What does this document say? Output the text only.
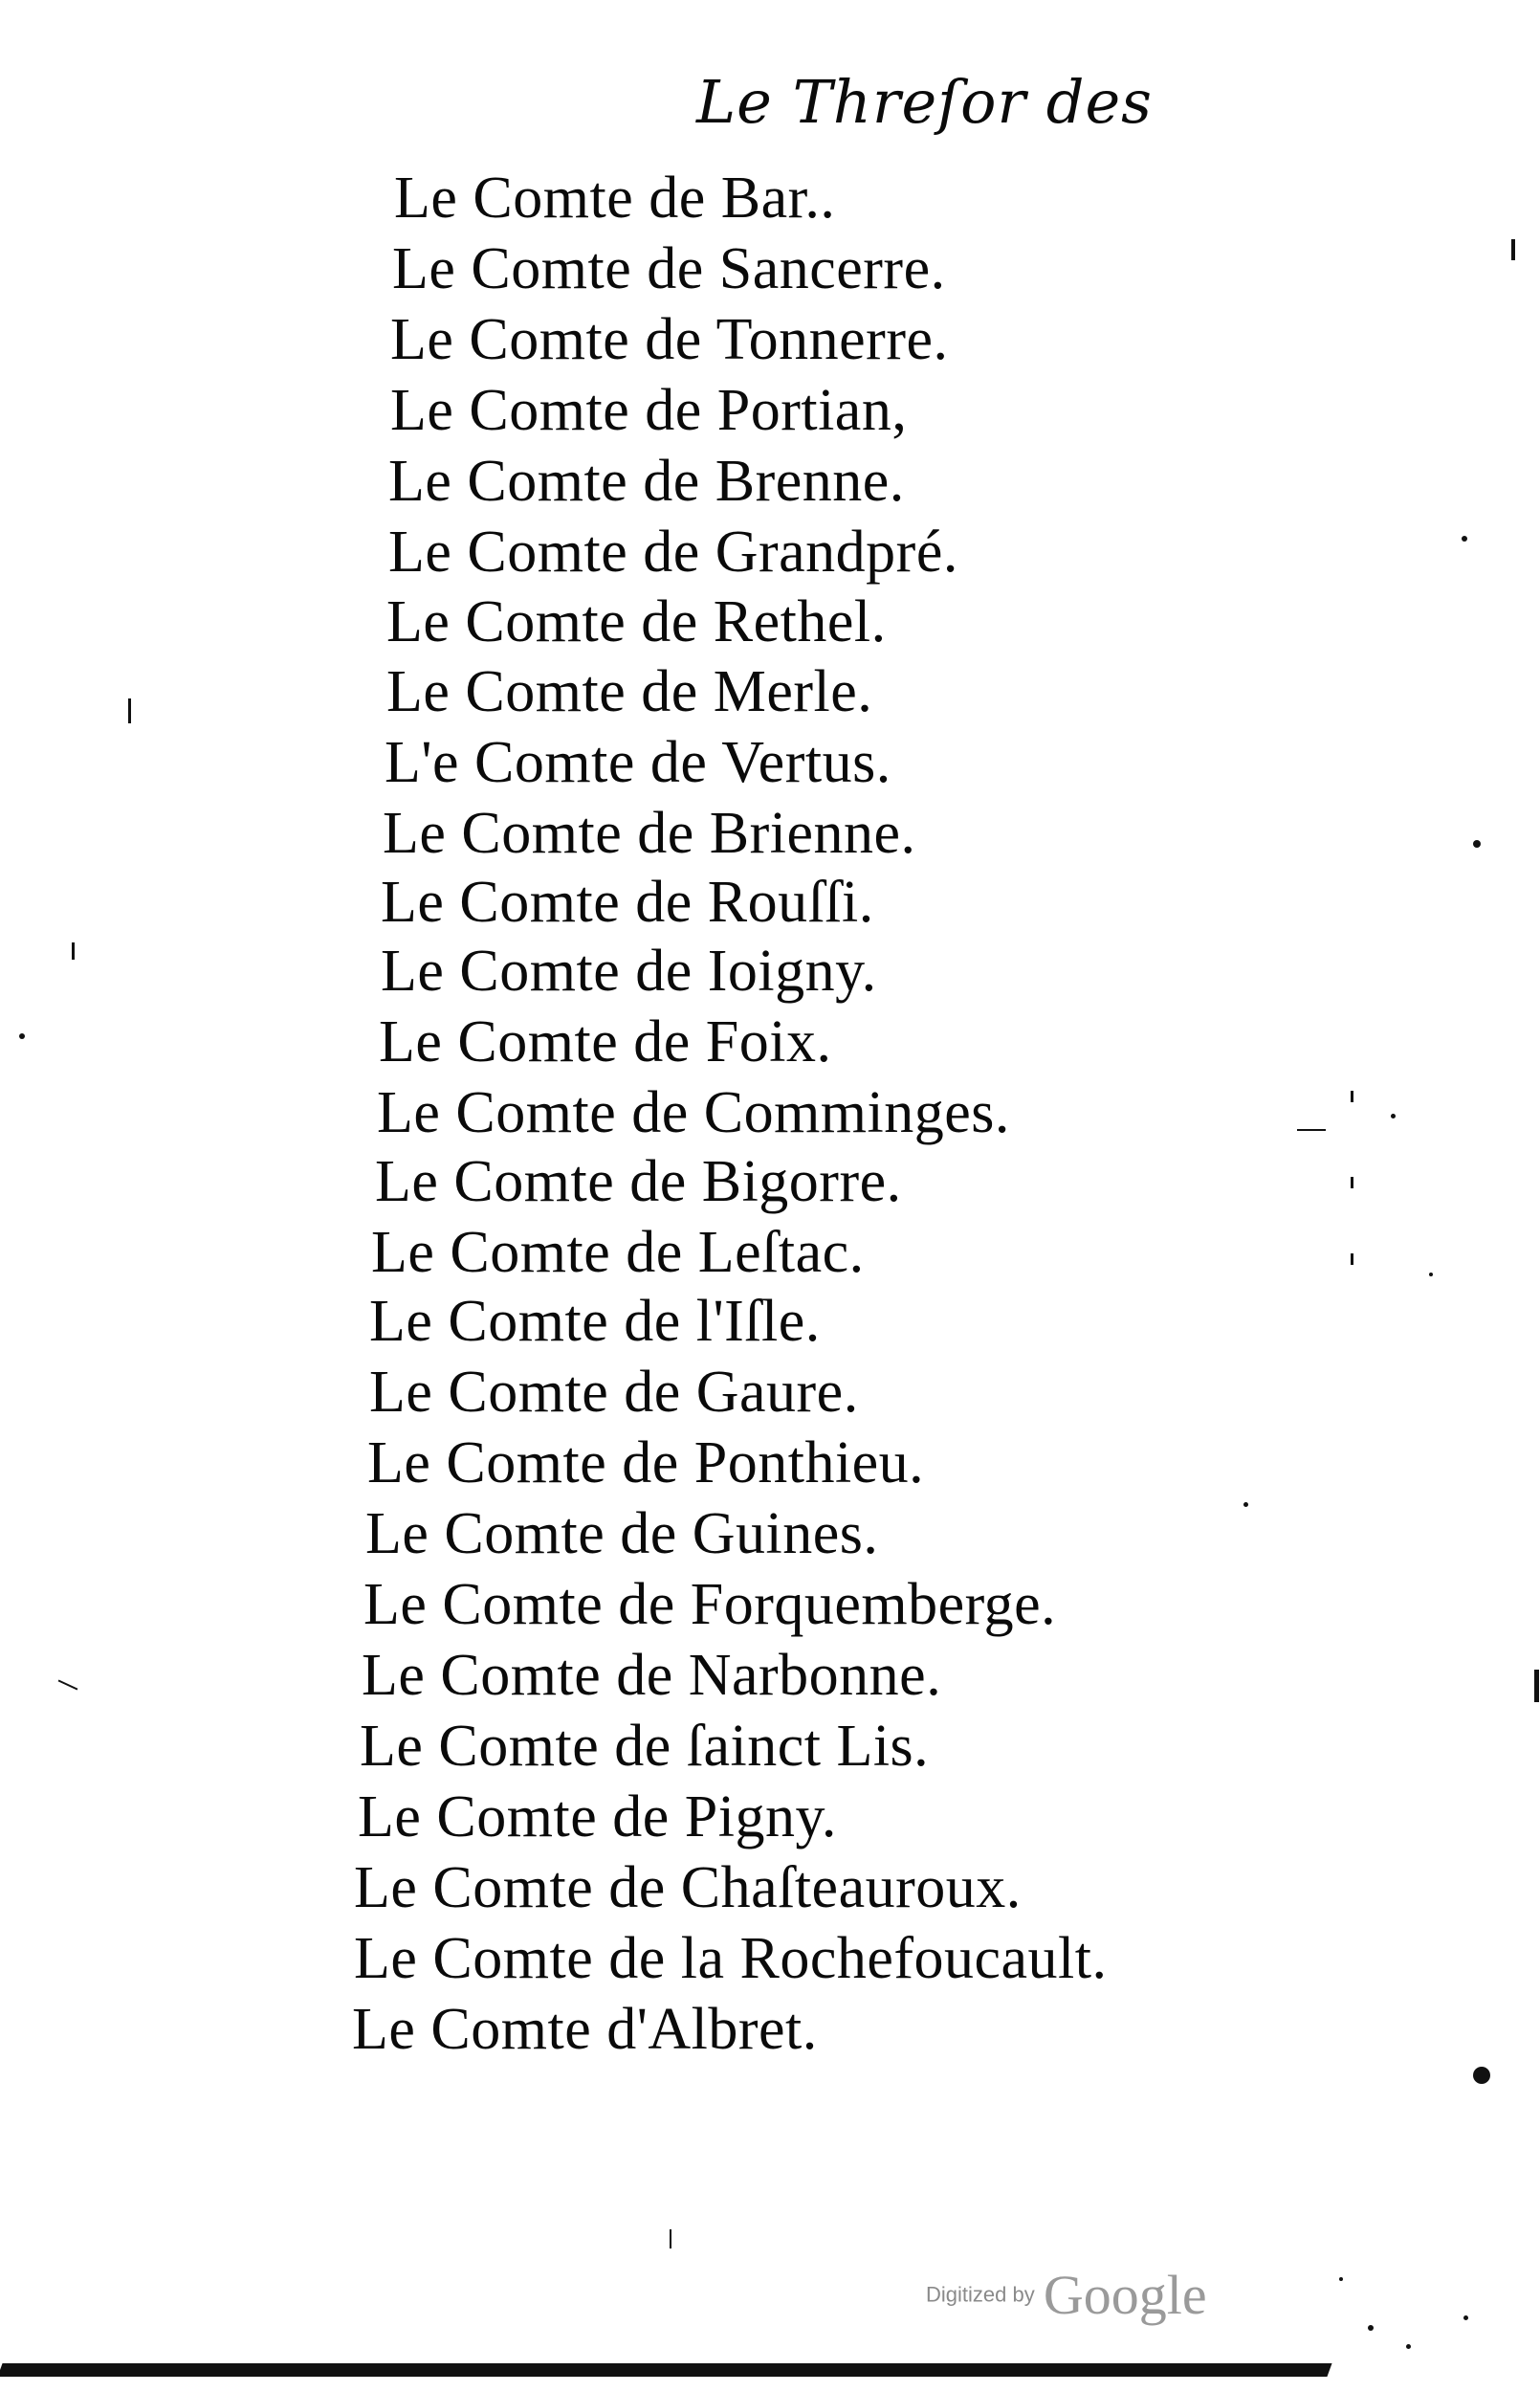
Le Threſor des
Le Comte de Bar..
Le Comte de Sancerre.
Le Comte de Tonnerre.
Le Comte de Portian,
Le Comte de Brenne.
Le Comte de Grandpré.
Le Comte de Rethel.
Le Comte de Merle.
L'e Comte de Vertus.
Le Comte de Brienne.
Le Comte de Rouſſi.
Le Comte de Ioigny.
Le Comte de Foix.
Le Comte de Comminges.
Le Comte de Bigorre.
Le Comte de Leſtac.
Le Comte de l'Iſle.
Le Comte de Gaure.
Le Comte de Ponthieu.
Le Comte de Guines.
Le Comte de Forquemberge.
Le Comte de Narbonne.
Le Comte de ſainct Lis.
Le Comte de Pigny.
Le Comte de Chaſteauroux.
Le Comte de la Rochefoucault.
Le Comte d'Albret.
Digitized by Google
